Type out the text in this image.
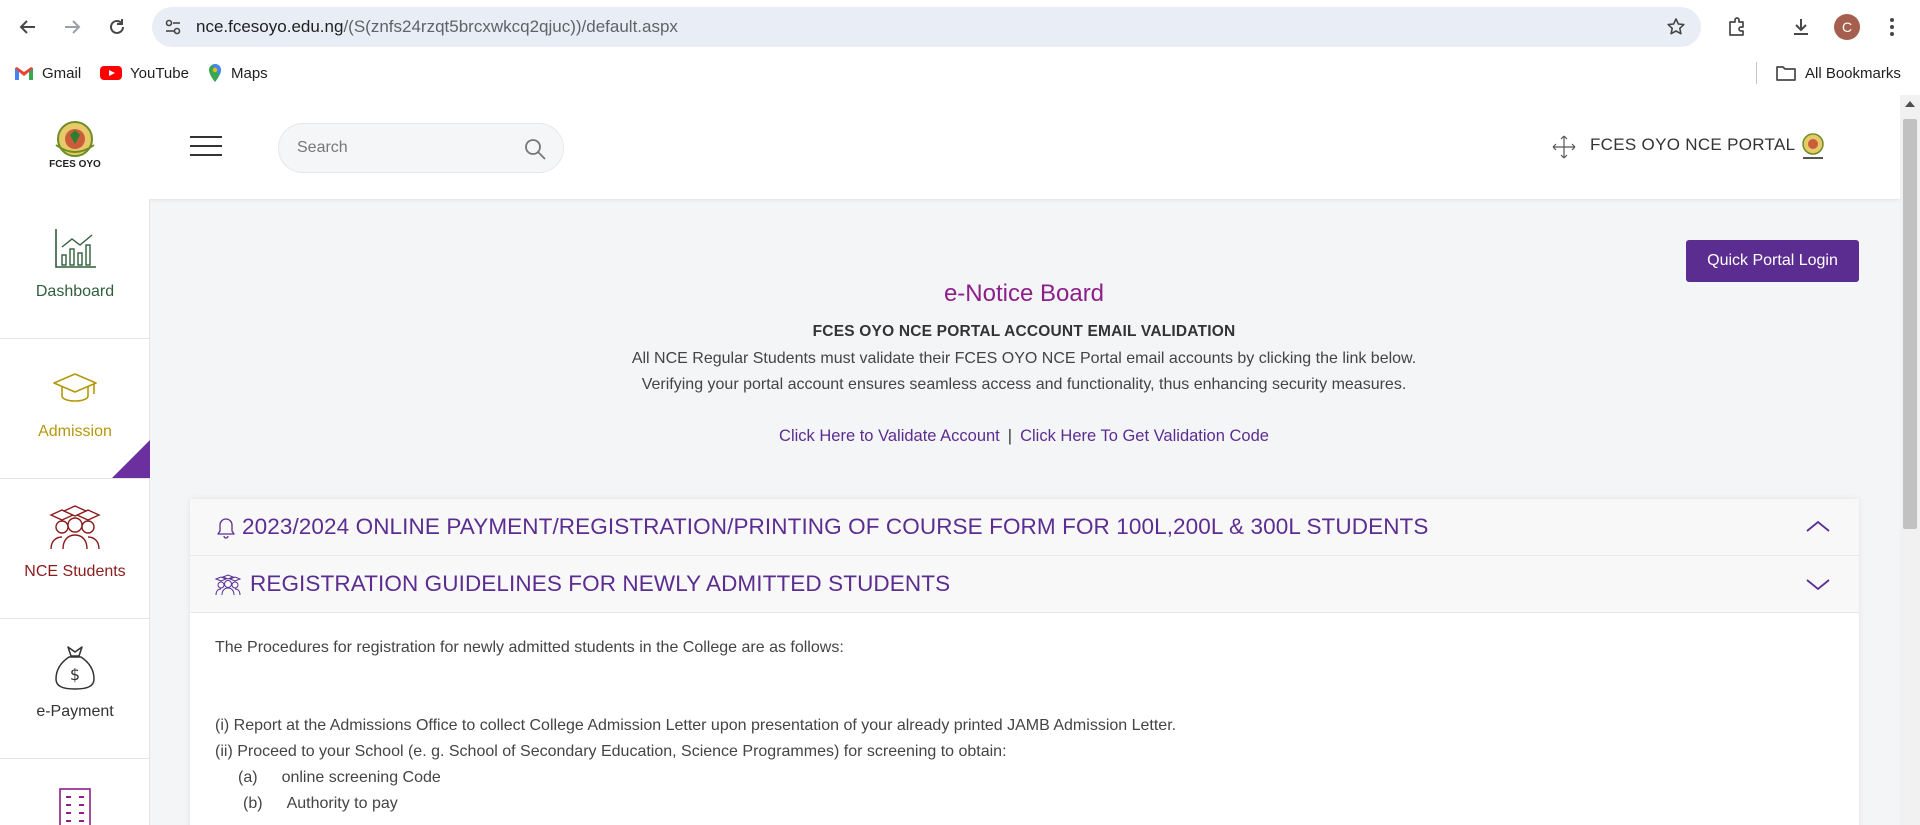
nce.fcesoyo.edu.ng/(S(znfs24rzqt5brcxwkcq2qjuc))/default.aspx	C
Gmail	YouTube	Maps	All Bookmarks
FCES OYO
Search
FCES OYO NCE PORTAL
Dashboard
Admission
NCE Students
$
e-Payment
Quick Portal Login
e-Notice Board
FCES OYO NCE PORTAL ACCOUNT EMAIL VALIDATION
All NCE Regular Students must validate their FCES OYO NCE Portal email accounts by clicking the link below.
Verifying your portal account ensures seamless access and functionality, thus enhancing security measures.
Click Here to Validate Account | Click Here To Get Validation Code
2023/2024 ONLINE PAYMENT/REGISTRATION/PRINTING OF COURSE FORM FOR 100L,200L & 300L STUDENTS
REGISTRATION GUIDELINES FOR NEWLY ADMITTED STUDENTS
The Procedures for registration for newly admitted students in the College are as follows:
(i) Report at the Admissions Office to collect College Admission Letter upon presentation of your already printed JAMB Admission Letter.
(ii) Proceed to your School (e. g. School of Secondary Education, Science Programmes) for screening to obtain:
(a) online screening Code
(b) Authority to pay
